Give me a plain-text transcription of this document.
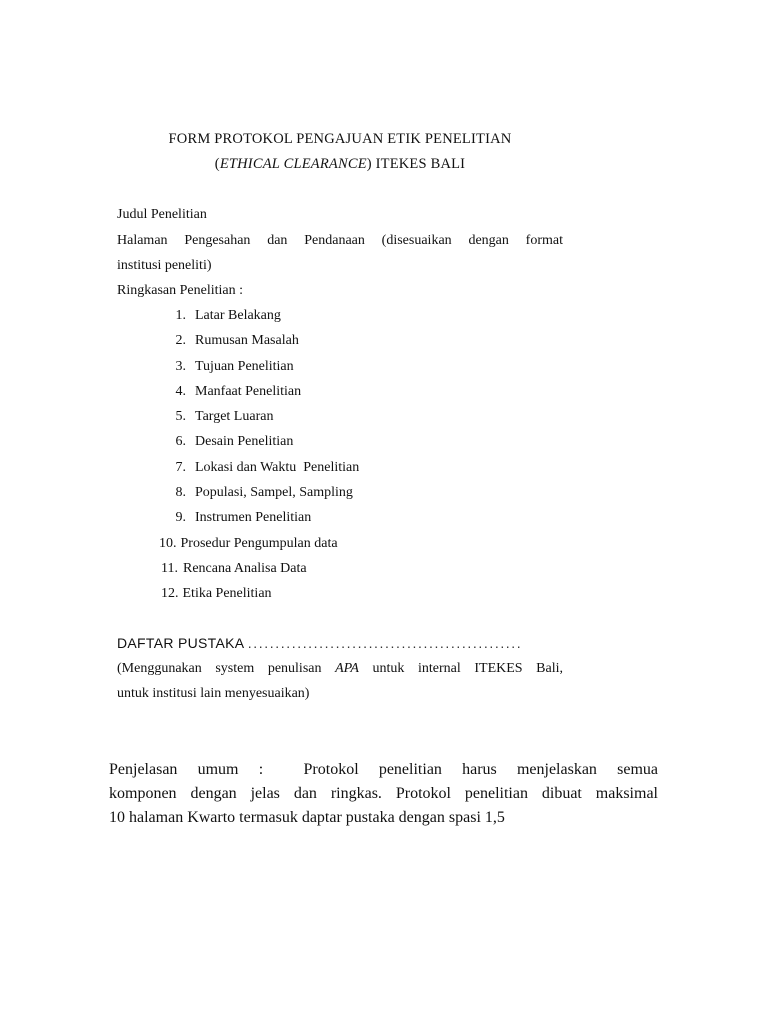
FORM PROTOKOL PENGAJUAN ETIK PENELITIAN
(ETHICAL CLEARANCE) ITEKES BALI
Judul Penelitian
Halaman Pengesahan dan Pendanaan (disesuaikan dengan format
institusi peneliti)
Ringkasan Penelitian :
1. Latar Belakang
2. Rumusan Masalah
3. Tujuan Penelitian
4. Manfaat Penelitian
5. Target Luaran
6. Desain Penelitian
7. Lokasi dan Waktu  Penelitian
8. Populasi, Sampel, Sampling
9. Instrumen Penelitian
10. Prosedur Pengumpulan data
11. Rencana Analisa Data
12. Etika Penelitian
DAFTAR PUSTAKA ..................................................
(Menggunakan system penulisan APA untuk internal ITEKES Bali,
untuk institusi lain menyesuaikan)
Penjelasan umum :  Protokol penelitian harus menjelaskan semua
komponen dengan jelas dan ringkas. Protokol penelitian dibuat maksimal
10 halaman Kwarto termasuk daptar pustaka dengan spasi 1,5
